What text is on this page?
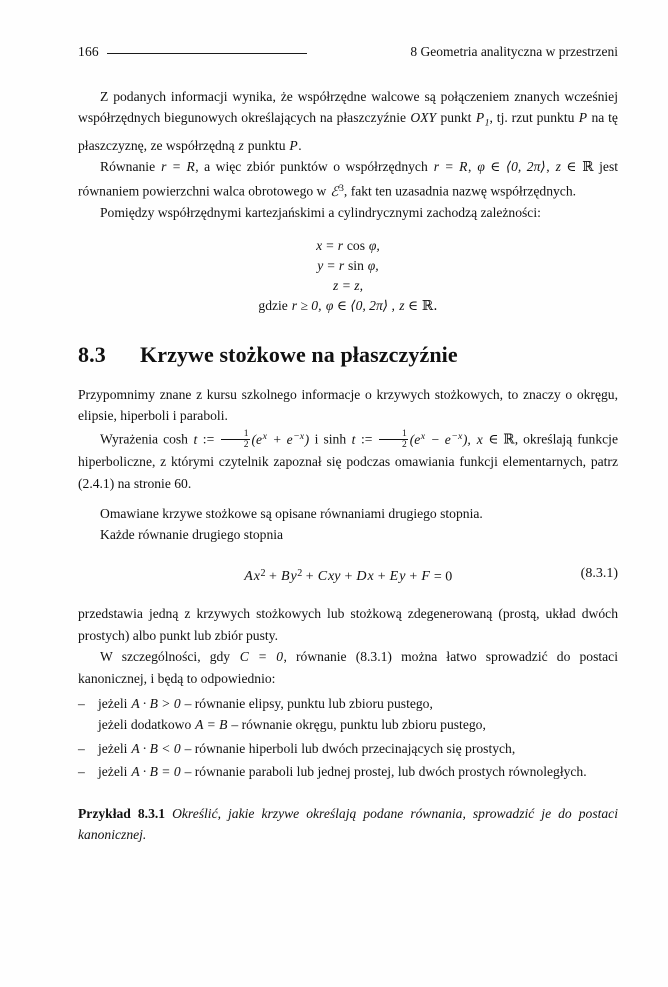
166	8 Geometria analityczna w przestrzeni

Z podanych informacji wynika, że współrzędne walcowe są połączeniem znanych wcześniej współrzędnych biegunowych określających na płaszczyźnie OXY punkt $P_1$, tj. rzut punktu P na tę płaszczyznę, ze współrzędną z punktu P.

Równanie r = R, a więc zbiór punktów o współrzędnych r = R, φ ∈ ⟨0, 2π⟩, z ∈ ℝ jest równaniem powierzchni walca obrotowego w ℰ$^3$, fakt ten uzasadnia nazwę współrzędnych.

Pomiędzy współrzędnymi kartezjańskimi a cylindrycznymi zachodzą zależności:

x = r cos φ,
y = r sin φ,
z = z,
gdzie r ≥ 0, φ ∈ ⟨0, 2π⟩ , z ∈ ℝ.
8.3	Krzywe stożkowe na płaszczyźnie

Przypomnimy znane z kursu szkolnego informacje o krzywych stożkowych, to znaczy o okręgu, elipsie, hiperboli i paraboli.

Wyrażenia cosh t := $\frac{1}{2} (e^x + e^{-x})$ i sinh t := $\frac{1}{2} (e^x - e^{-x})$, x ∈ ℝ, określają funkcje hiperboliczne, z którymi czytelnik zapoznał się podczas omawiania funkcji elementarnych, patrz (2.4.1) na stronie 60.

Omawiane krzywe stożkowe są opisane równaniami drugiego stopnia.

Każde równanie drugiego stopnia

$Ax^2 + By^2$ + Cxy + Dx + Ey + F = 0	(8.3.1)

przedstawia jedną z krzywych stożkowych lub stożkową zdegenerowaną (prostą, układ dwóch prostych) albo punkt lub zbiór pusty.

W szczególności, gdy C = 0, równanie (8.3.1) można łatwo sprowadzić do postaci kanonicznej, i będą to odpowiednio:

– jeżeli A · B > 0 – równanie elipsy, punktu lub zbioru pustego,
jeżeli dodatkowo A = B – równanie okręgu, punktu lub zbioru pustego,
– jeżeli A · B < 0 – równanie hiperboli lub dwóch przecinających się prostych,
– jeżeli A · B = 0 – równanie paraboli lub jednej prostej, lub dwóch prostych równoległych.
Przykład 8.3.1 Określić, jakie krzywe określają podane równania, sprowadzić je do postaci kanonicznej.
